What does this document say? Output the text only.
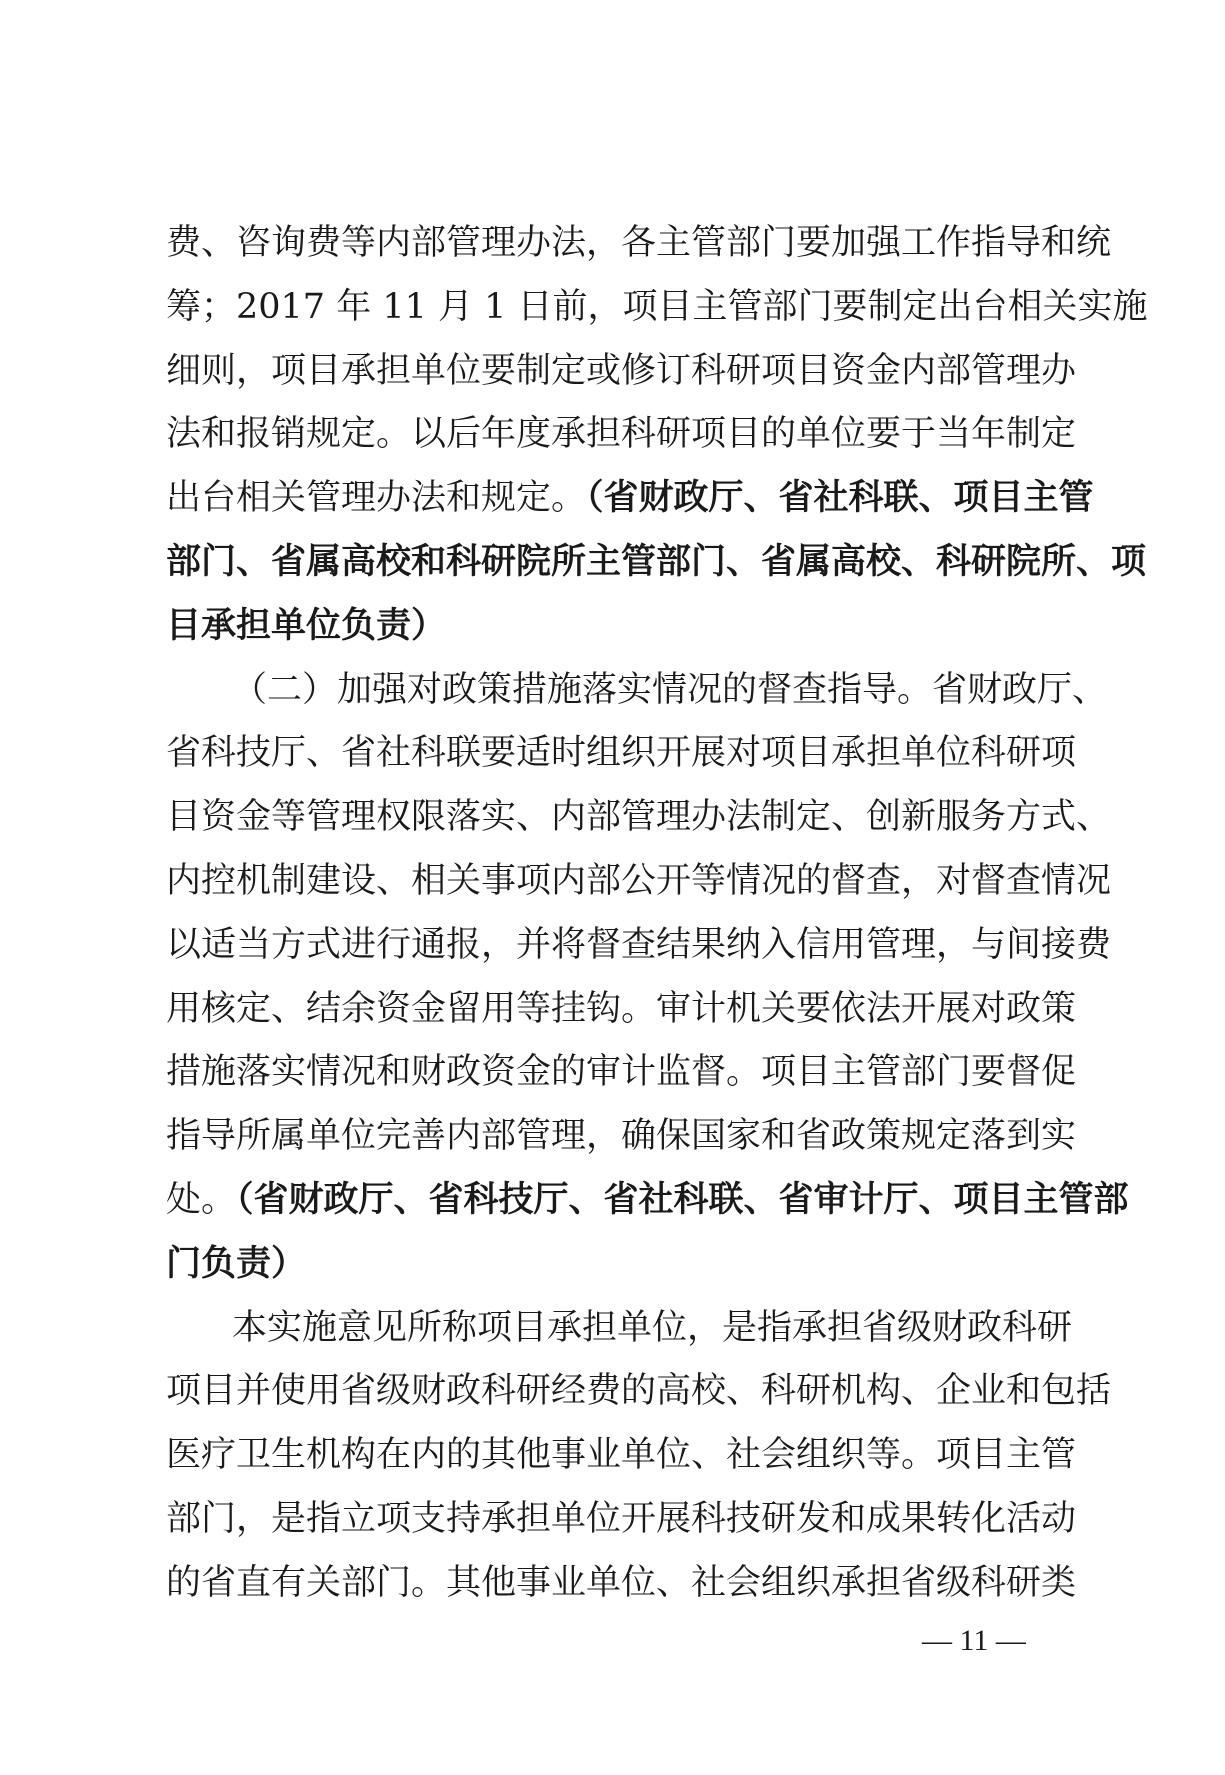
费、咨询费等内部管理办法，各主管部门要加强工作指导和统
筹；2017 年 11 月 1 日前，项目主管部门要制定出台相关实施
细则，项目承担单位要制定或修订科研项目资金内部管理办
法和报销规定。以后年度承担科研项目的单位要于当年制定
出台相关管理办法和规定。（省财政厅、省社科联、项目主管
部门、省属高校和科研院所主管部门、省属高校、科研院所、项
目承担单位负责）
（二）加强对政策措施落实情况的督查指导。省财政厅、
省科技厅、省社科联要适时组织开展对项目承担单位科研项
目资金等管理权限落实、内部管理办法制定、创新服务方式、
内控机制建设、相关事项内部公开等情况的督查，对督查情况
以适当方式进行通报，并将督查结果纳入信用管理，与间接费
用核定、结余资金留用等挂钩。审计机关要依法开展对政策
措施落实情况和财政资金的审计监督。项目主管部门要督促
指导所属单位完善内部管理，确保国家和省政策规定落到实
处。（省财政厅、省科技厅、省社科联、省审计厅、项目主管部
门负责）
本实施意见所称项目承担单位，是指承担省级财政科研
项目并使用省级财政科研经费的高校、科研机构、企业和包括
医疗卫生机构在内的其他事业单位、社会组织等。项目主管
部门，是指立项支持承担单位开展科技研发和成果转化活动
的省直有关部门。其他事业单位、社会组织承担省级科研类
— 11 —
